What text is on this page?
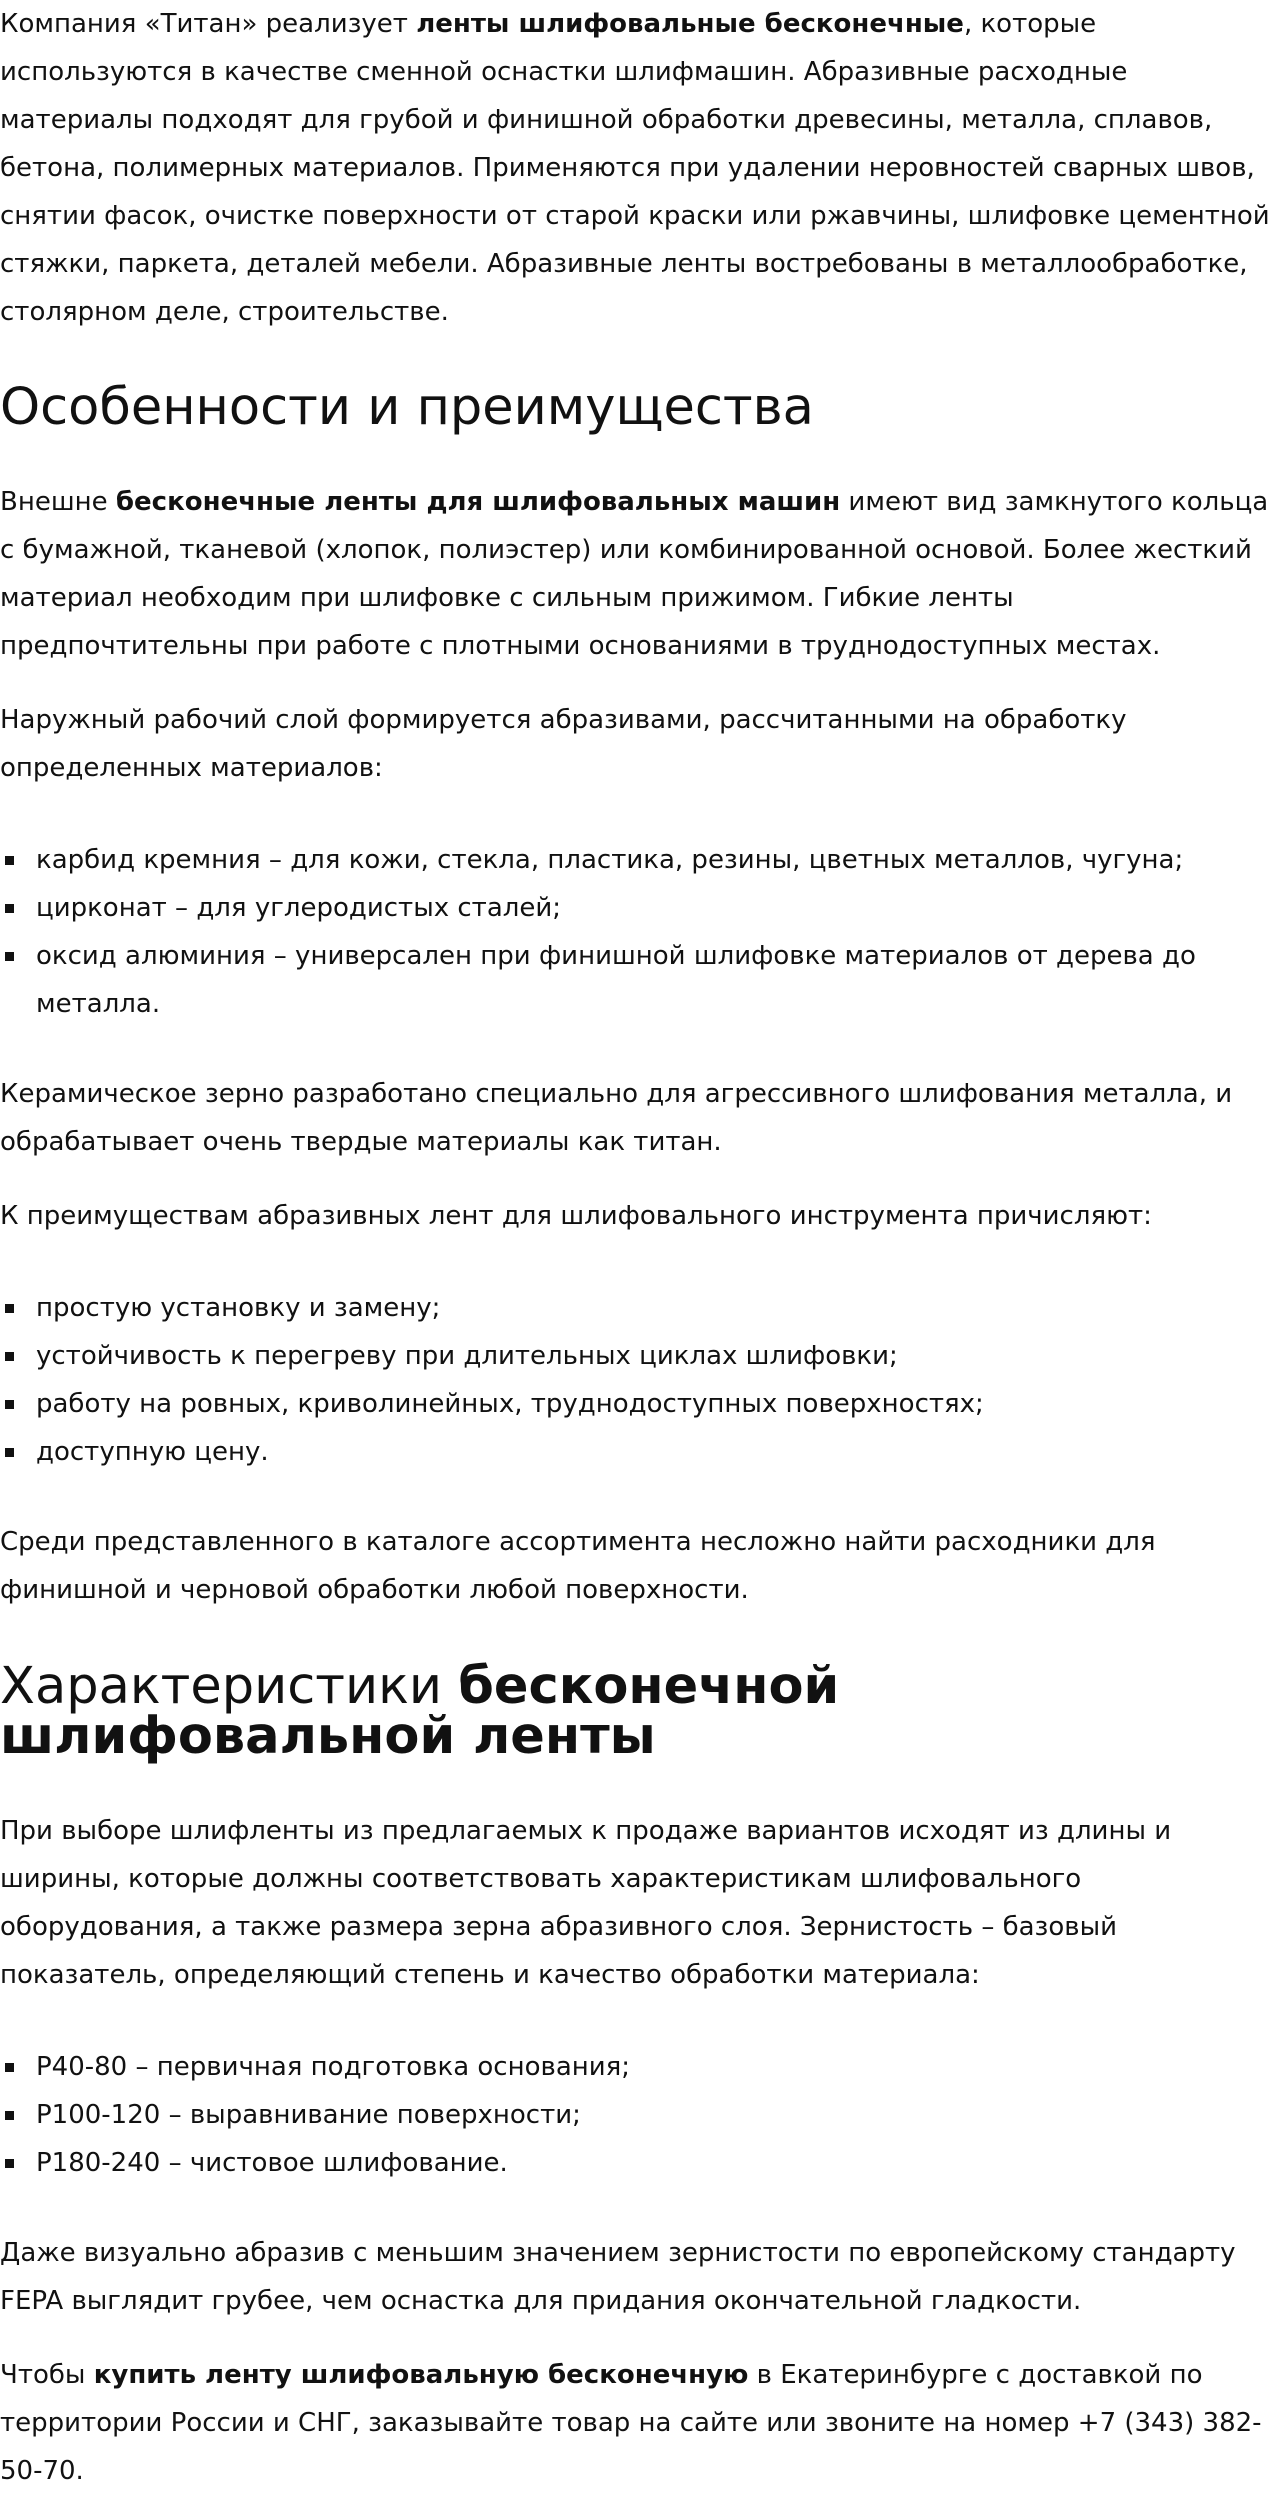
Компания «Титан» реализует ленты шлифовальные бесконечные, которые используются в качестве сменной оснастки шлифмашин. Абразивные расходные материалы подходят для грубой и финишной обработки древесины, металла, сплавов, бетона, полимерных материалов. Применяются при удалении неровностей сварных швов, снятии фасок, очистке поверхности от старой краски или ржавчины, шлифовке цементной стяжки, паркета, деталей мебели. Абразивные ленты востребованы в металлообработке, столярном деле, строительстве.

Особенности и преимущества

Внешне бесконечные ленты для шлифовальных машин имеют вид замкнутого кольца с бумажной, тканевой (хлопок, полиэстер) или комбинированной основой. Более жесткий материал необходим при шлифовке с сильным прижимом. Гибкие ленты предпочтительны при работе с плотными основаниями в труднодоступных местах.

Наружный рабочий слой формируется абразивами, рассчитанными на обработку определенных материалов:

карбид кремния – для кожи, стекла, пластика, резины, цветных металлов, чугуна;
цирконат – для углеродистых сталей;
оксид алюминия – универсален при финишной шлифовке материалов от дерева до металла.

Керамическое зерно разработано специально для агрессивного шлифования металла, и обрабатывает очень твердые материалы как титан.

К преимуществам абразивных лент для шлифовального инструмента причисляют:

простую установку и замену;
устойчивость к перегреву при длительных циклах шлифовки;
работу на ровных, криволинейных, труднодоступных поверхностях;
доступную цену.

Среди представленного в каталоге ассортимента несложно найти расходники для финишной и черновой обработки любой поверхности.

Характеристики бесконечной шлифовальной ленты

При выборе шлифленты из предлагаемых к продаже вариантов исходят из длины и ширины, которые должны соответствовать характеристикам шлифовального оборудования, а также размера зерна абразивного слоя. Зернистость – базовый показатель, определяющий степень и качество обработки материала:

P40-80 – первичная подготовка основания;
P100-120 – выравнивание поверхности;
P180-240 – чистовое шлифование.

Даже визуально абразив с меньшим значением зернистости по европейскому стандарту FEPA выглядит грубее, чем оснастка для придания окончательной гладкости.

Чтобы купить ленту шлифовальную бесконечную в Екатеринбурге с доставкой по территории России и СНГ, заказывайте товар на сайте или звоните на номер +7 (343) 382-50-70.
